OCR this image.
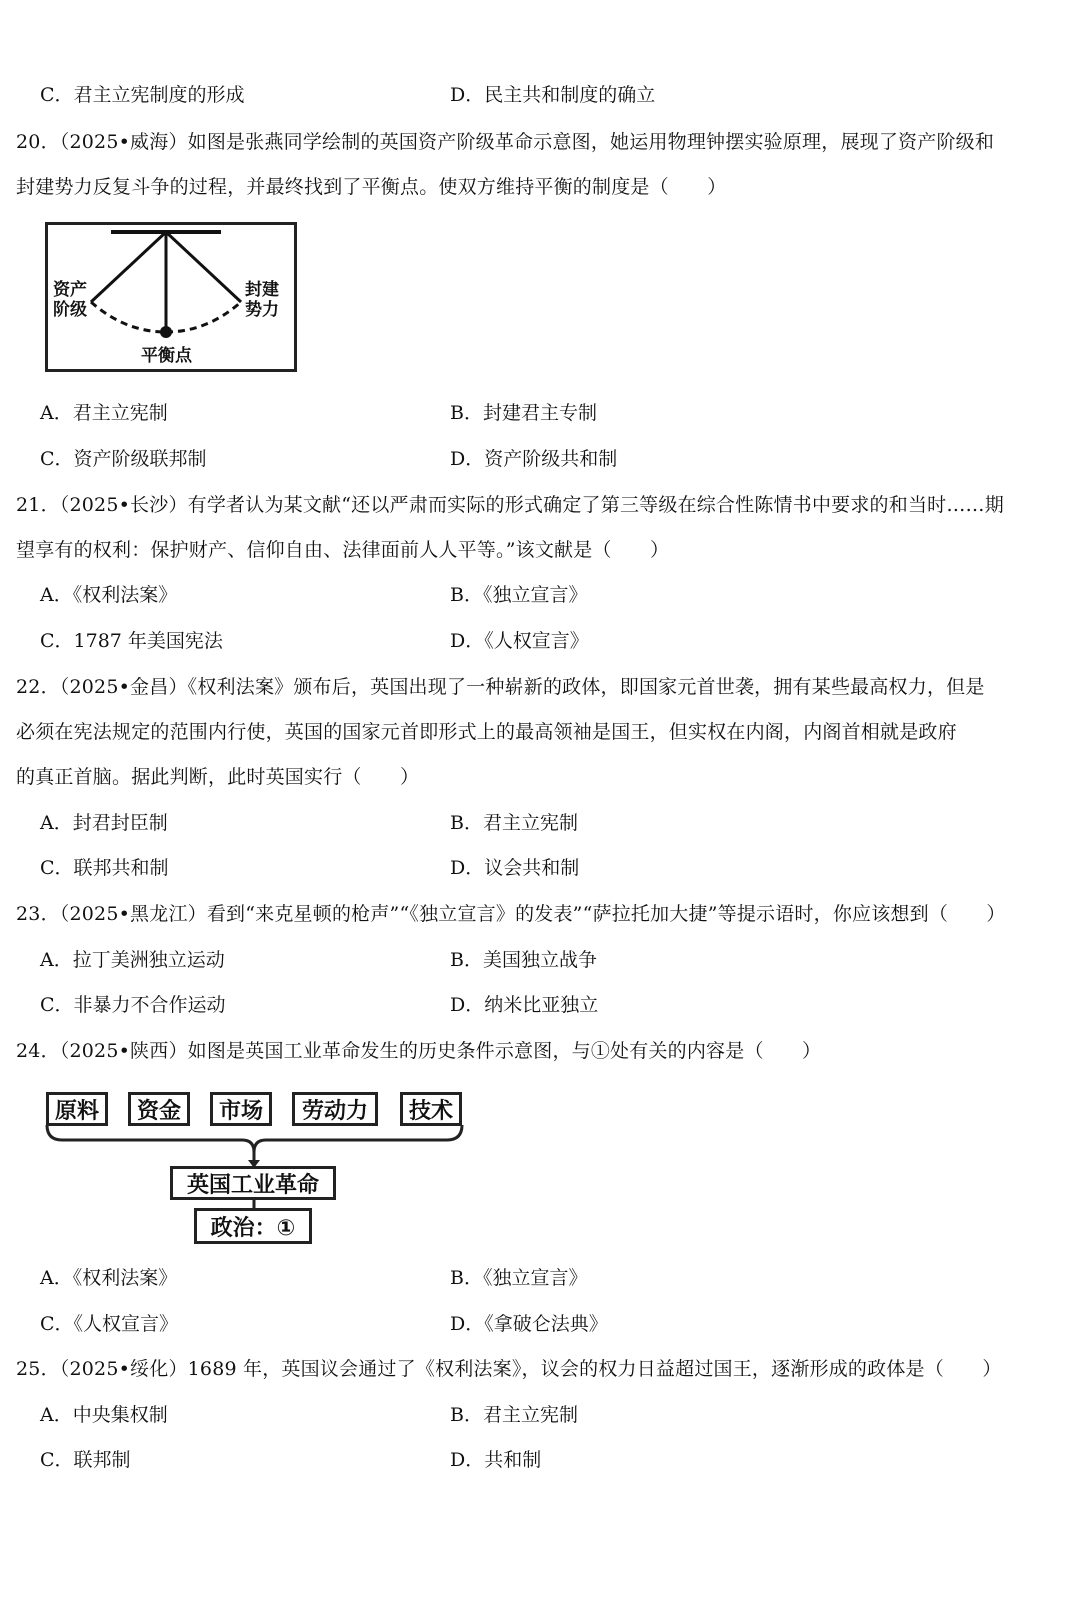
C．君主立宪制度的形成	D．民主共和制度的确立
20．（2025•威海）如图是张燕同学绘制的英国资产阶级革命示意图，她运用物理钟摆实验原理，展现了资产阶级和
封建势力反复斗争的过程，并最终找到了平衡点。使双方维持平衡的制度是（　　）
资产
阶级
封建
势力
平衡点
A．君主立宪制	B．封建君主专制
C．资产阶级联邦制	D．资产阶级共和制
21．（2025•长沙）有学者认为某文献“还以严肃而实际的形式确定了第三等级在综合性陈情书中要求的和当时……期
望享有的权利：保护财产、信仰自由、法律面前人人平等。”该文献是（　　）
A．《权利法案》	B．《独立宣言》
C．1787 年美国宪法	D．《人权宣言》
22．（2025•金昌）《权利法案》颁布后，英国出现了一种崭新的政体，即国家元首世袭，拥有某些最高权力，但是
必须在宪法规定的范围内行使，英国的国家元首即形式上的最高领袖是国王，但实权在内阁，内阁首相就是政府
的真正首脑。据此判断，此时英国实行（　　）
A．封君封臣制	B．君主立宪制
C．联邦共和制	D．议会共和制
23．（2025•黑龙江）看到“来克星顿的枪声”“《独立宣言》的发表”“萨拉托加大捷”等提示语时，你应该想到（　　）
A．拉丁美洲独立运动	B．美国独立战争
C．非暴力不合作运动	D．纳米比亚独立
24．（2025•陕西）如图是英国工业革命发生的历史条件示意图，与①处有关的内容是（　　）
原料	资金	市场	劳动力	技术
英国工业革命
政治：①
A．《权利法案》	B．《独立宣言》
C．《人权宣言》	D．《拿破仑法典》
25．（2025•绥化）1689 年，英国议会通过了《权利法案》，议会的权力日益超过国王，逐渐形成的政体是（　　）
A．中央集权制	B．君主立宪制
C．联邦制	D．共和制
